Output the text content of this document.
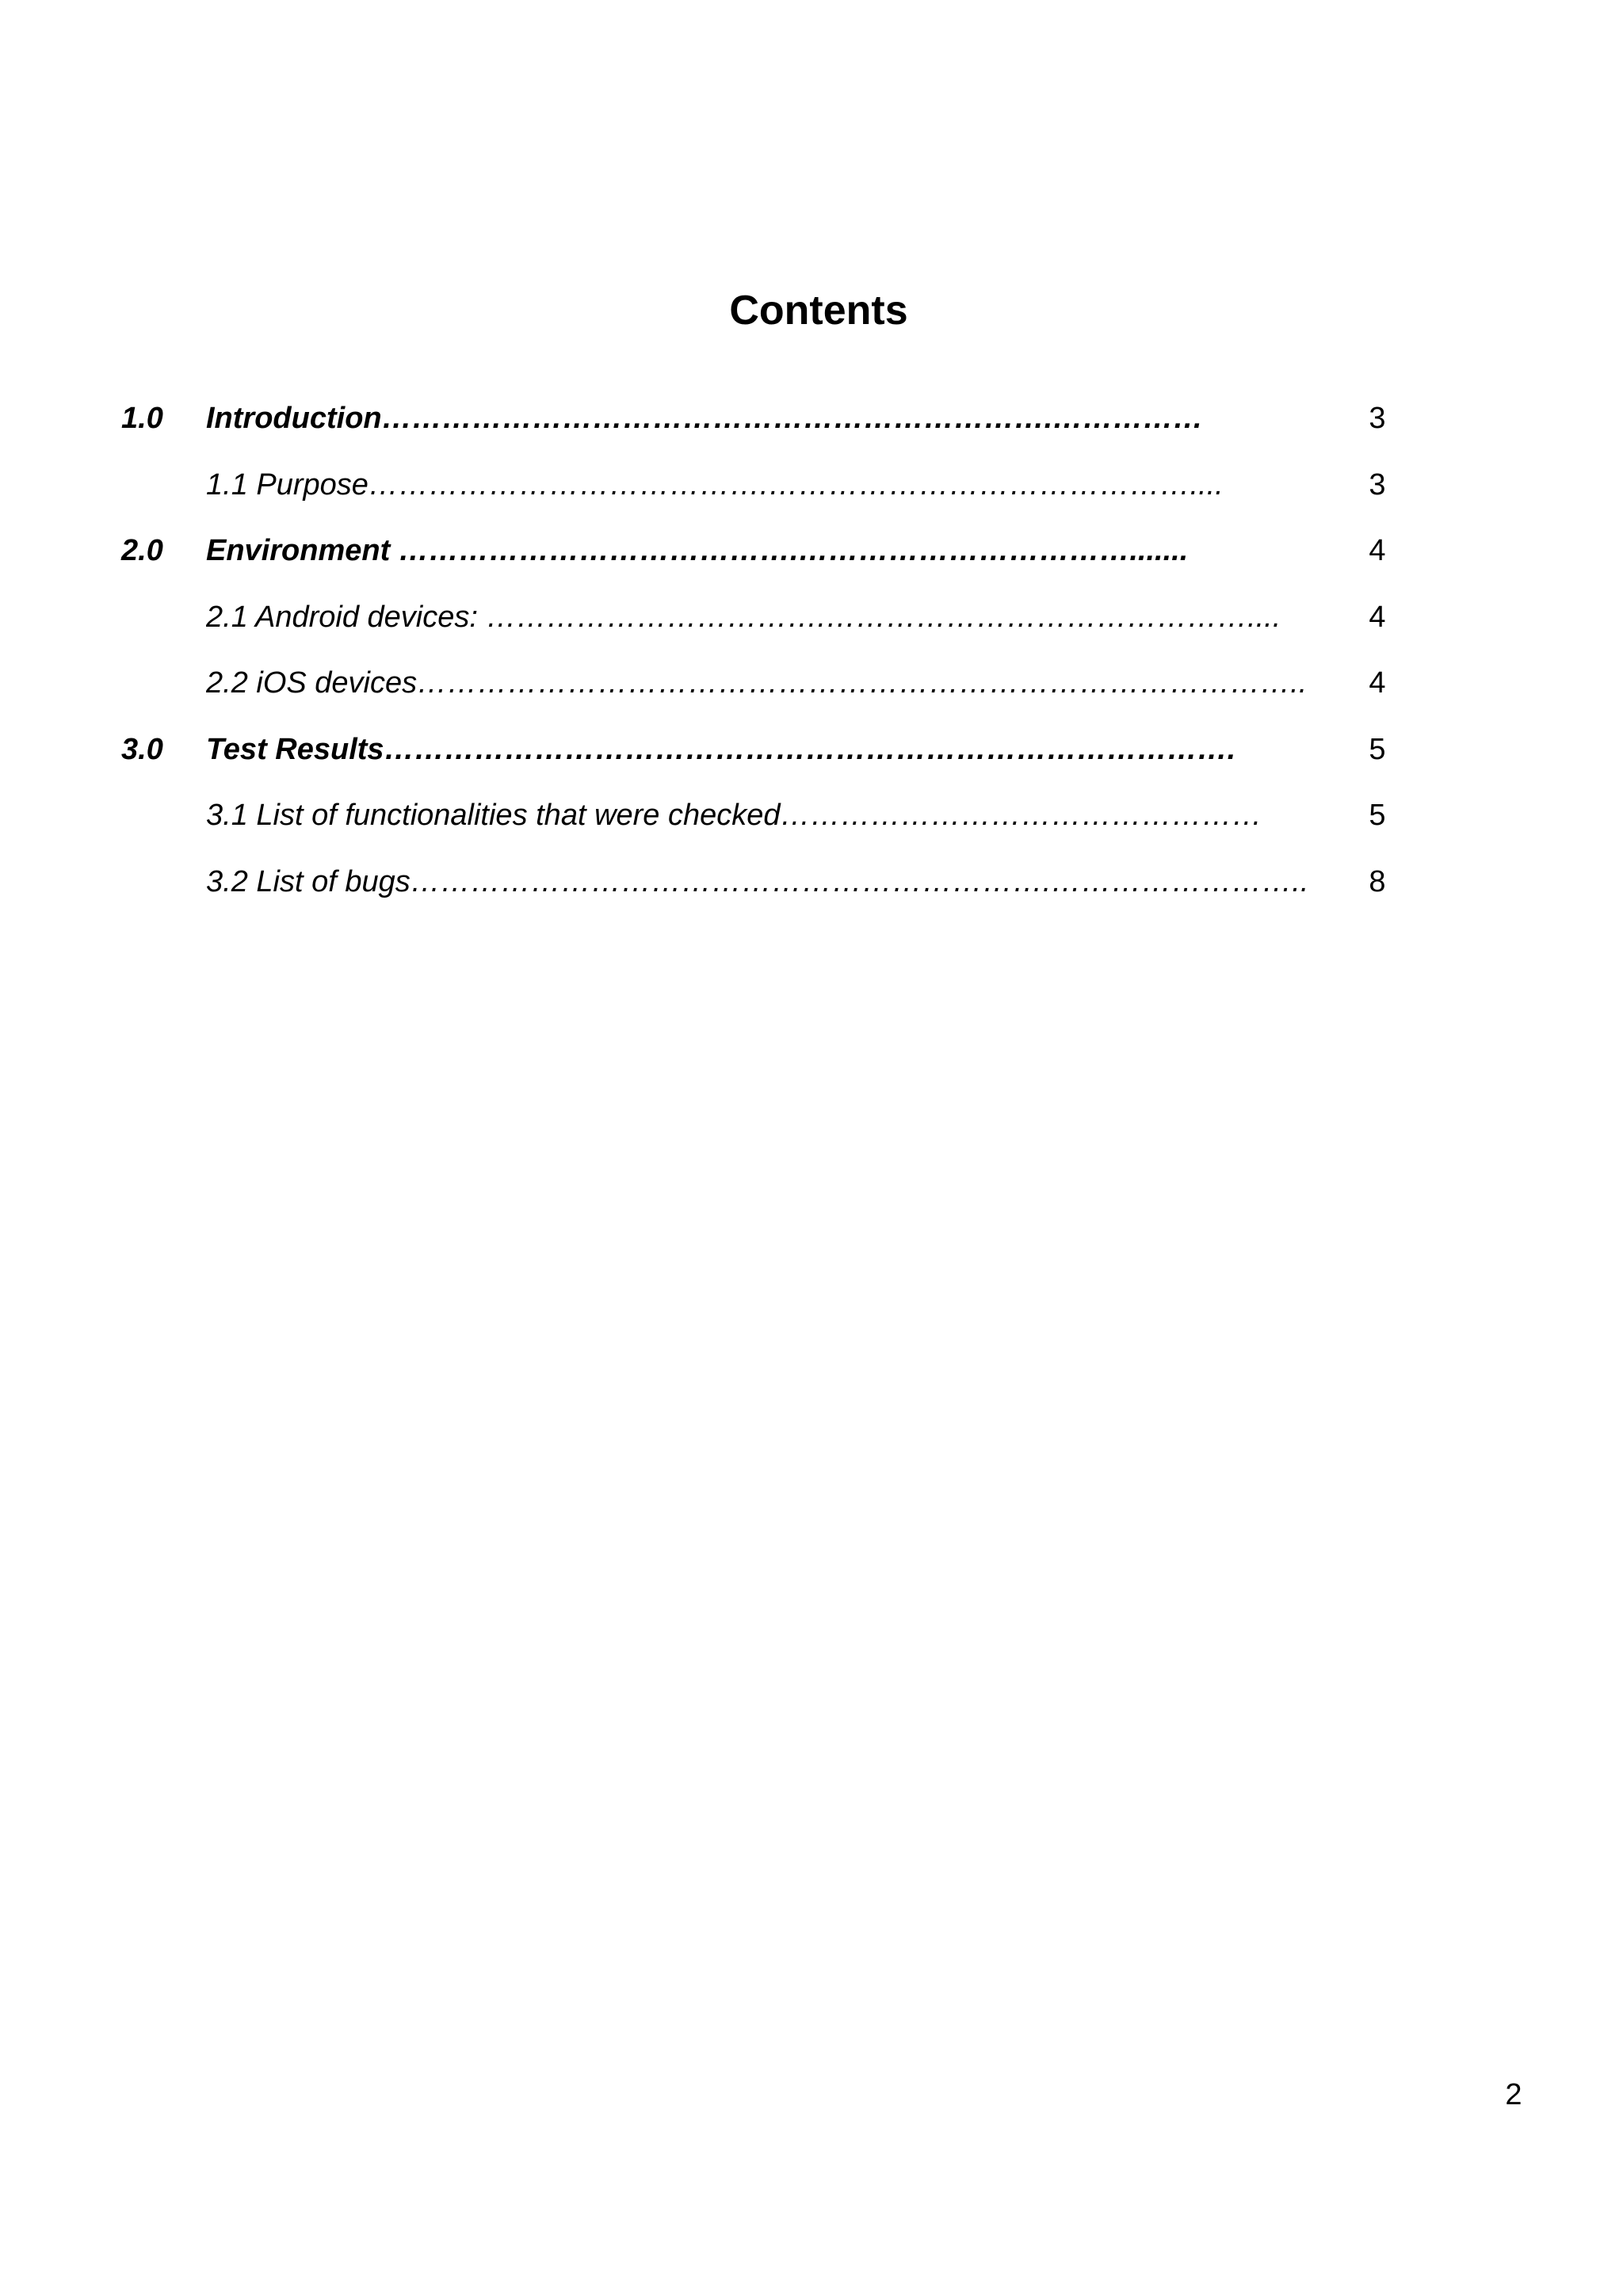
Contents
1.0 Introduction………………………………………………………….……………	3
1.1 Purpose………………………………….……………………………………....	3
2.0 Environment ………………………………….…………………………….......	4
2.1 Android devices: …………………………….……………………………………....	4
2.2 iOS devices……………………………………………………………………………..	4
3.0 Test Results………………………………………………………………………….	5
3.1 List of functionalities that were checked…………………………………………	5
3.2 List of bugs……………………………………………………….……………………..	8
2
